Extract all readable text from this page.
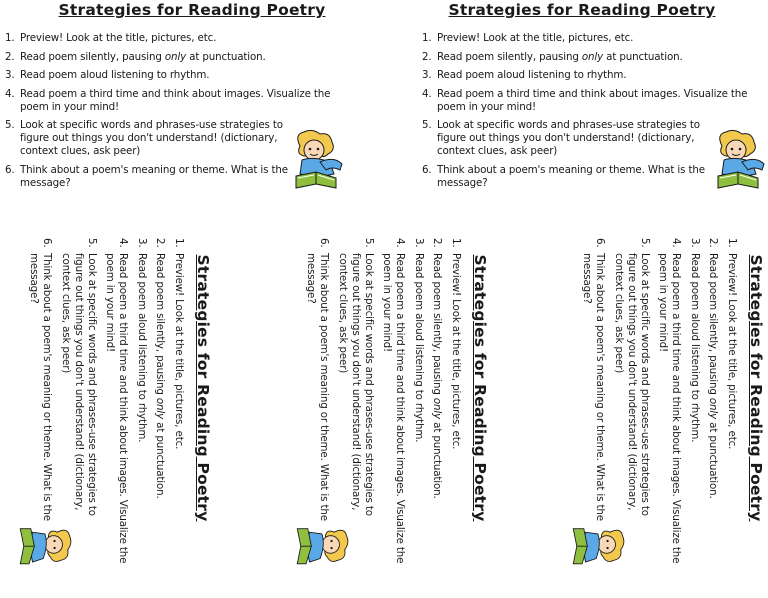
Strategies for Reading Poetry
1. Preview! Look at the title, pictures, etc.
2. Read poem silently, pausing only at punctuation.
3. Read poem aloud listening to rhythm.
4. Read poem a third time and think about images. Visualize the poem in your mind!
5. Look at specific words and phrases-use strategies to figure out things you don't understand! (dictionary, context clues, ask peer)
6. Think about a poem's meaning or theme. What is the message?
Strategies for Reading Poetry
1. Preview! Look at the title, pictures, etc.
2. Read poem silently, pausing only at punctuation.
3. Read poem aloud listening to rhythm.
4. Read poem a third time and think about images. Visualize the poem in your mind!
5. Look at specific words and phrases-use strategies to figure out things you don't understand! (dictionary, context clues, ask peer)
6. Think about a poem's meaning or theme. What is the message?
Strategies for Reading Poetry
1.
Preview! Look at the title, pictures, etc.
2.
Read poem silently, pausing only at punctuation.
3.
Read poem aloud listening to rhythm.
4.
Read poem a third time and think about images. Visualize the poem in your mind!
5.
Look at specific words and phrases-use strategies to figure out things you don't understand! (dictionary, context clues, ask peer)
6.
Think about a poem's meaning or theme. What is the message?	Strategies for Reading Poetry
1.
Preview! Look at the title, pictures, etc.
2.
Read poem silently, pausing only at punctuation.
3.
Read poem aloud listening to rhythm.
4.
Read poem a third time and think about images. Visualize the poem in your mind!
5.
Look at specific words and phrases-use strategies to figure out things you don't understand! (dictionary, context clues, ask peer)
6.
Think about a poem's meaning or theme. What is the message?	Strategies for Reading Poetry
1.
Preview! Look at the title, pictures, etc.
2.
Read poem silently, pausing only at punctuation.
3.
Read poem aloud listening to rhythm.
4.
Read poem a third time and think about images. Visualize the poem in your mind!
5.
Look at specific words and phrases-use strategies to figure out things you don't understand! (dictionary, context clues, ask peer)
6.
Think about a poem's meaning or theme. What is the message?
